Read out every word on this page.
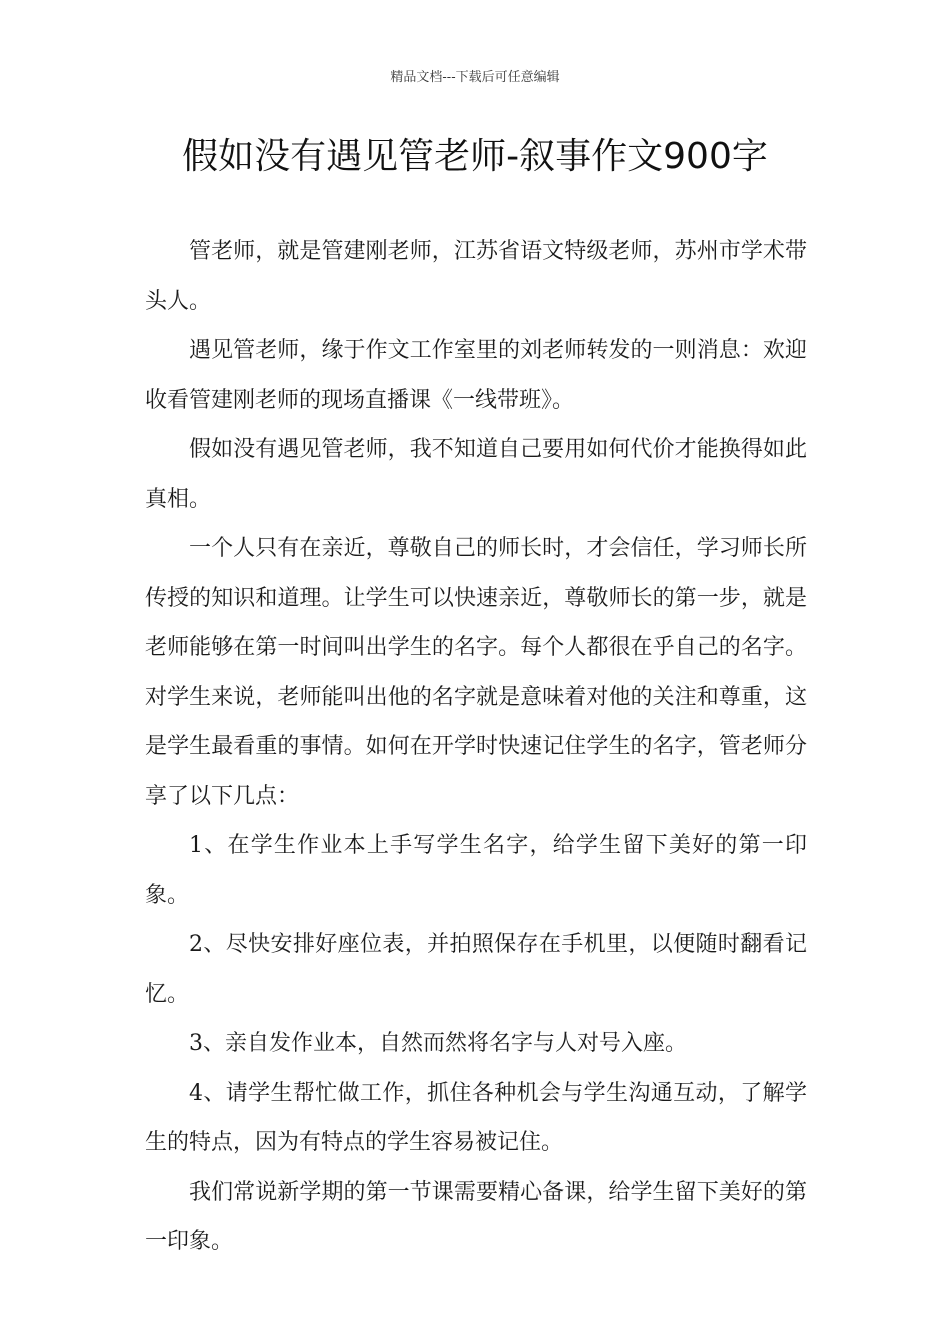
精品文档---下载后可任意编辑
假如没有遇见管老师-叙事作文900字

管老师，就是管建刚老师，江苏省语文特级老师，苏州市学术带头人。

遇见管老师，缘于作文工作室里的刘老师转发的一则消息：欢迎收看管建刚老师的现场直播课《一线带班》。

假如没有遇见管老师，我不知道自己要用如何代价才能换得如此真相。

一个人只有在亲近，尊敬自己的师长时，才会信任，学习师长所传授的知识和道理。让学生可以快速亲近，尊敬师长的第一步，就是老师能够在第一时间叫出学生的名字。每个人都很在乎自己的名字。对学生来说，老师能叫出他的名字就是意味着对他的关注和尊重，这是学生最看重的事情。如何在开学时快速记住学生的名字，管老师分享了以下几点：

1、在学生作业本上手写学生名字，给学生留下美好的第一印象。

2、尽快安排好座位表，并拍照保存在手机里，以便随时翻看记忆。

3、亲自发作业本，自然而然将名字与人对号入座。

4、请学生帮忙做工作，抓住各种机会与学生沟通互动，了解学生的特点，因为有特点的学生容易被记住。

我们常说新学期的第一节课需要精心备课，给学生留下美好的第一印象。
